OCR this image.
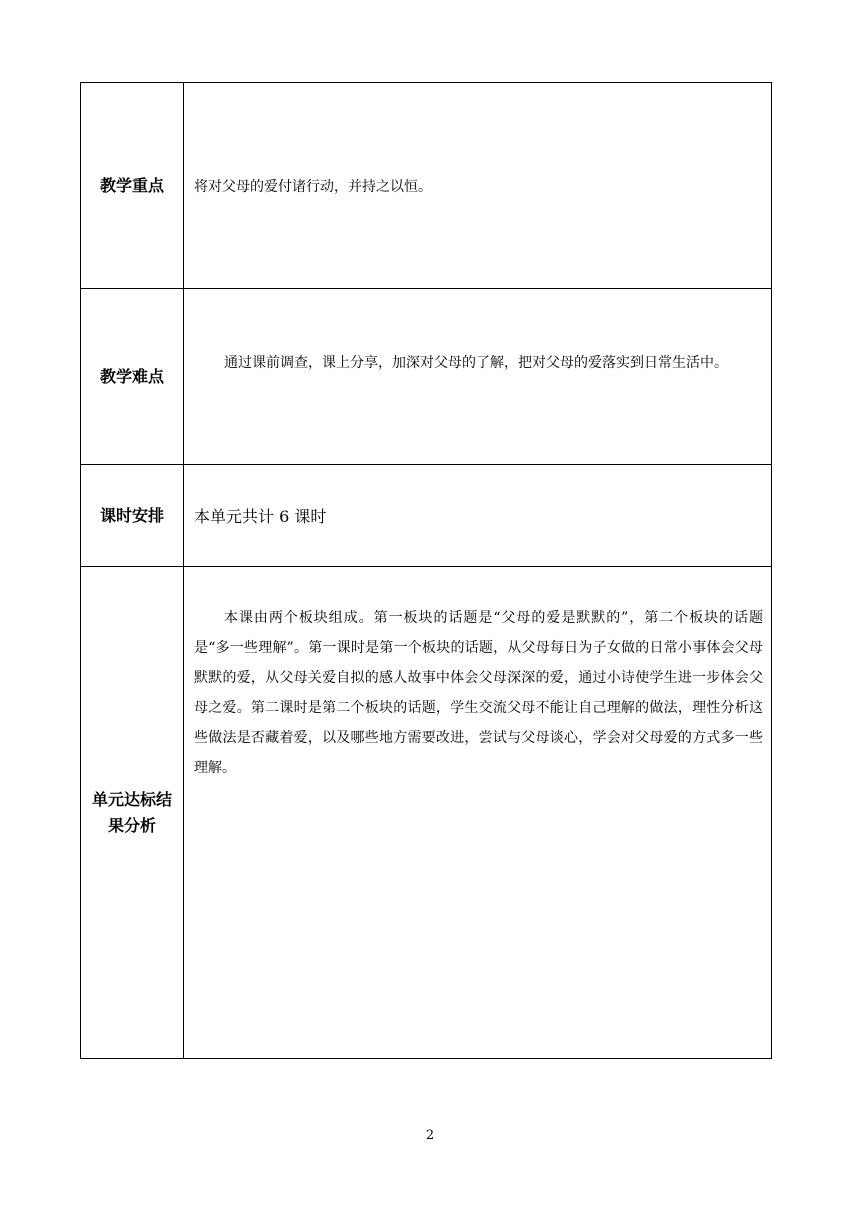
教学重点	将对父母的爱付诸行动，并持之以恒。

教学难点	通过课前调查，课上分享，加深对父母的了解，把对父母的爱落实到日常生活中。

课时安排	本单元共计 6 课时

单元达标结果分析	本课由两个板块组成。第一板块的话题是“父母的爱是默默的”，第二个板块的话题是“多一些理解”。第一课时是第一个板块的话题，从父母每日为子女做的日常小事体会父母默默的爱，从父母关爱自拟的感人故事中体会父母深深的爱，通过小诗使学生进一步体会父母之爱。第二课时是第二个板块的话题，学生交流父母不能让自己理解的做法，理性分析这些做法是否藏着爱，以及哪些地方需要改进，尝试与父母谈心，学会对父母爱的方式多一些理解。
2
